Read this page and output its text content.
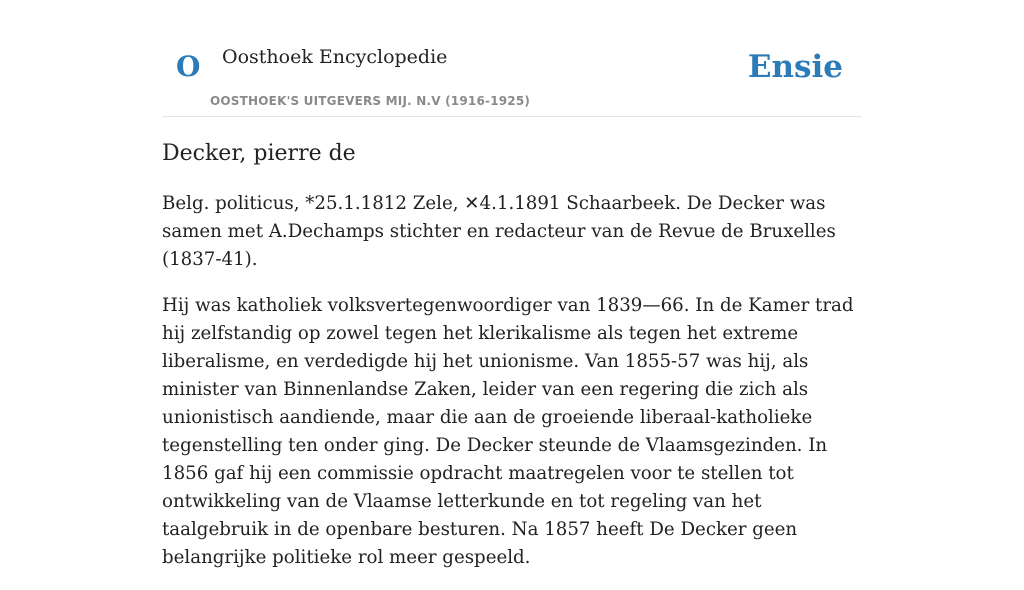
O Oosthoek Encyclopedie
OOSTHOEK'S UITGEVERS MIJ. N.V (1916-1925)
Ensie
Decker, pierre de

Belg. politicus, *25.1.1812 Zele, ✕4.1.1891 Schaarbeek. De Decker was samen met A.Dechamps stichter en redacteur van de Revue de Bruxelles (1837-41).

Hij was katholiek volksvertegenwoordiger van 1839—66. In de Kamer trad hij zelfstandig op zowel tegen het klerikalisme als tegen het extreme liberalisme, en verdedigde hij het unionisme. Van 1855-57 was hij, als minister van Binnenlandse Zaken, leider van een regering die zich als unionistisch aandiende, maar die aan de groeiende liberaal-katholieke tegenstelling ten onder ging. De Decker steunde de Vlaamsgezinden. In 1856 gaf hij een commissie opdracht maatregelen voor te stellen tot ontwikkeling van de Vlaamse letterkunde en tot regeling van het taalgebruik in de openbare besturen. Na 1857 heeft De Decker geen belangrijke politieke rol meer gespeeld.
